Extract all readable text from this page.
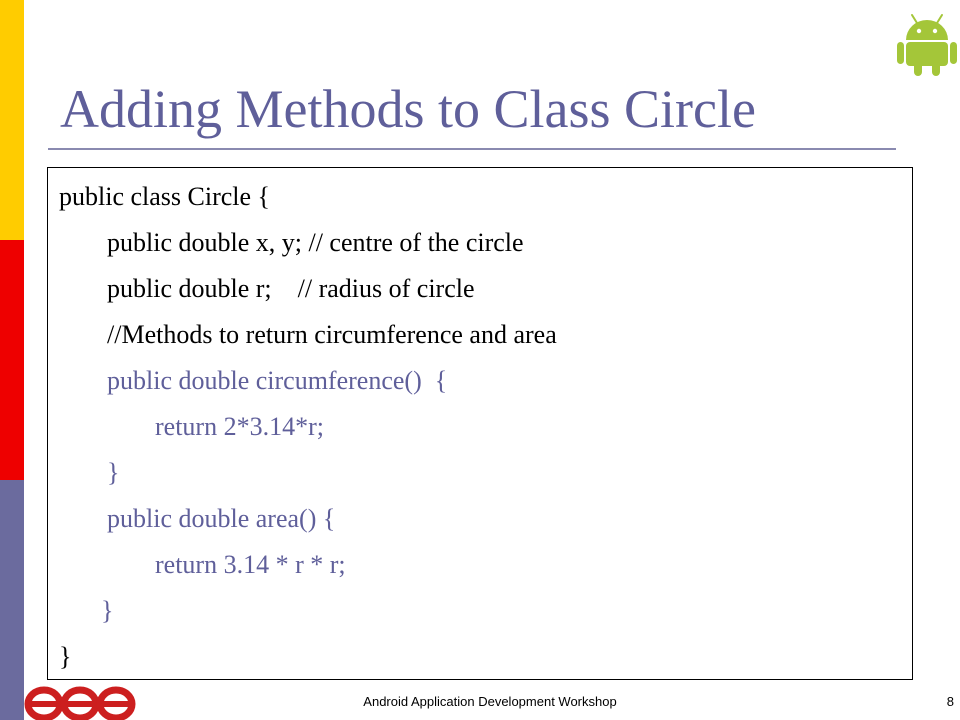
Adding Methods to Class Circle
public class Circle {
public double x, y; // centre of the circle
public double r;    // radius of circle
//Methods to return circumference and area
public double circumference()  {
return 2*3.14*r;
}
public double area() {
return 3.14 * r * r;
}
}
Android Application Development Workshop	8
